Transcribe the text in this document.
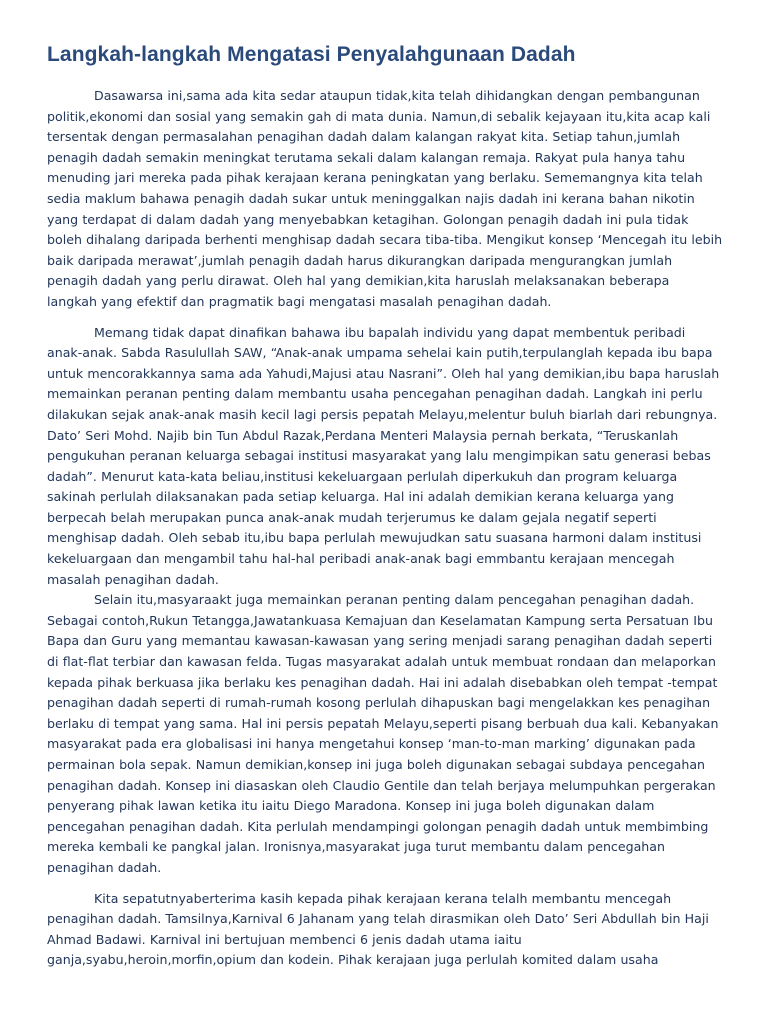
Langkah-langkah Mengatasi Penyalahgunaan Dadah

Dasawarsa ini,sama ada kita sedar ataupun tidak,kita telah dihidangkan dengan pembangunan politik,ekonomi dan sosial yang semakin gah di mata dunia. Namun,di sebalik kejayaan itu,kita acap kali tersentak dengan permasalahan penagihan dadah dalam kalangan rakyat kita. Setiap tahun,jumlah penagih dadah semakin meningkat terutama sekali dalam kalangan remaja. Rakyat pula hanya tahu menuding jari mereka pada pihak kerajaan kerana peningkatan yang berlaku. Sememangnya kita telah sedia maklum bahawa penagih dadah sukar untuk meninggalkan najis dadah ini kerana bahan nikotin yang terdapat di dalam dadah yang menyebabkan ketagihan. Golongan penagih dadah ini pula tidak boleh dihalang daripada berhenti menghisap dadah secara tiba-tiba. Mengikut konsep ‘Mencegah itu lebih baik daripada merawat’,jumlah penagih dadah harus dikurangkan daripada mengurangkan jumlah penagih dadah yang perlu dirawat. Oleh hal yang demikian,kita haruslah melaksanakan beberapa langkah yang efektif dan pragmatik bagi mengatasi masalah penagihan dadah.

Memang tidak dapat dinafikan bahawa ibu bapalah individu yang dapat membentuk peribadi anak-anak. Sabda Rasulullah SAW, “Anak-anak umpama sehelai kain putih,terpulanglah kepada ibu bapa untuk mencorakkannya sama ada Yahudi,Majusi atau Nasrani”. Oleh hal yang demikian,ibu bapa haruslah memainkan peranan penting dalam membantu usaha pencegahan penagihan dadah. Langkah ini perlu dilakukan sejak anak-anak masih kecil lagi persis pepatah Melayu,melentur buluh biarlah dari rebungnya. Dato’ Seri Mohd. Najib bin Tun Abdul Razak,Perdana Menteri Malaysia pernah berkata, “Teruskanlah pengukuhan peranan keluarga sebagai institusi masyarakat yang lalu mengimpikan satu generasi bebas dadah”. Menurut kata-kata beliau,institusi kekeluargaan perlulah diperkukuh dan program keluarga sakinah perlulah dilaksanakan pada setiap keluarga. Hal ini adalah demikian kerana keluarga yang berpecah belah merupakan punca anak-anak mudah terjerumus ke dalam gejala negatif seperti menghisap dadah. Oleh sebab itu,ibu bapa perlulah mewujudkan satu suasana harmoni dalam institusi kekeluargaan dan mengambil tahu hal-hal peribadi anak-anak bagi emmbantu kerajaan mencegah masalah penagihan dadah.

Selain itu,masyaraakt juga memainkan peranan penting dalam pencegahan penagihan dadah. Sebagai contoh,Rukun Tetangga,Jawatankuasa Kemajuan dan Keselamatan Kampung serta Persatuan Ibu Bapa dan Guru yang memantau kawasan-kawasan yang sering menjadi sarang penagihan dadah seperti di flat-flat terbiar dan kawasan felda. Tugas masyarakat adalah untuk membuat rondaan dan melaporkan kepada pihak berkuasa jika berlaku kes penagihan dadah. Hai ini adalah disebabkan oleh tempat -tempat penagihan dadah seperti di rumah-rumah kosong perlulah dihapuskan bagi mengelakkan kes penagihan berlaku di tempat yang sama. Hal ini persis pepatah Melayu,seperti pisang berbuah dua kali. Kebanyakan masyarakat pada era globalisasi ini hanya mengetahui konsep ‘man-to-man marking’ digunakan pada permainan bola sepak. Namun demikian,konsep ini juga boleh digunakan sebagai subdaya pencegahan penagihan dadah. Konsep ini diasaskan oleh Claudio Gentile dan telah berjaya melumpuhkan pergerakan penyerang pihak lawan ketika itu iaitu Diego Maradona. Konsep ini juga boleh digunakan dalam pencegahan penagihan dadah. Kita perlulah mendampingi golongan penagih dadah untuk membimbing mereka kembali ke pangkal jalan. Ironisnya,masyarakat juga turut membantu dalam pencegahan penagihan dadah.

Kita sepatutnyaberterima kasih kepada pihak kerajaan kerana telalh membantu mencegah penagihan dadah. Tamsilnya,Karnival 6 Jahanam yang telah dirasmikan oleh Dato’ Seri Abdullah bin Haji Ahmad Badawi. Karnival ini bertujuan membenci 6 jenis dadah utama iaitu ganja,syabu,heroin,morfin,opium dan kodein. Pihak kerajaan juga perlulah komited dalam usaha
